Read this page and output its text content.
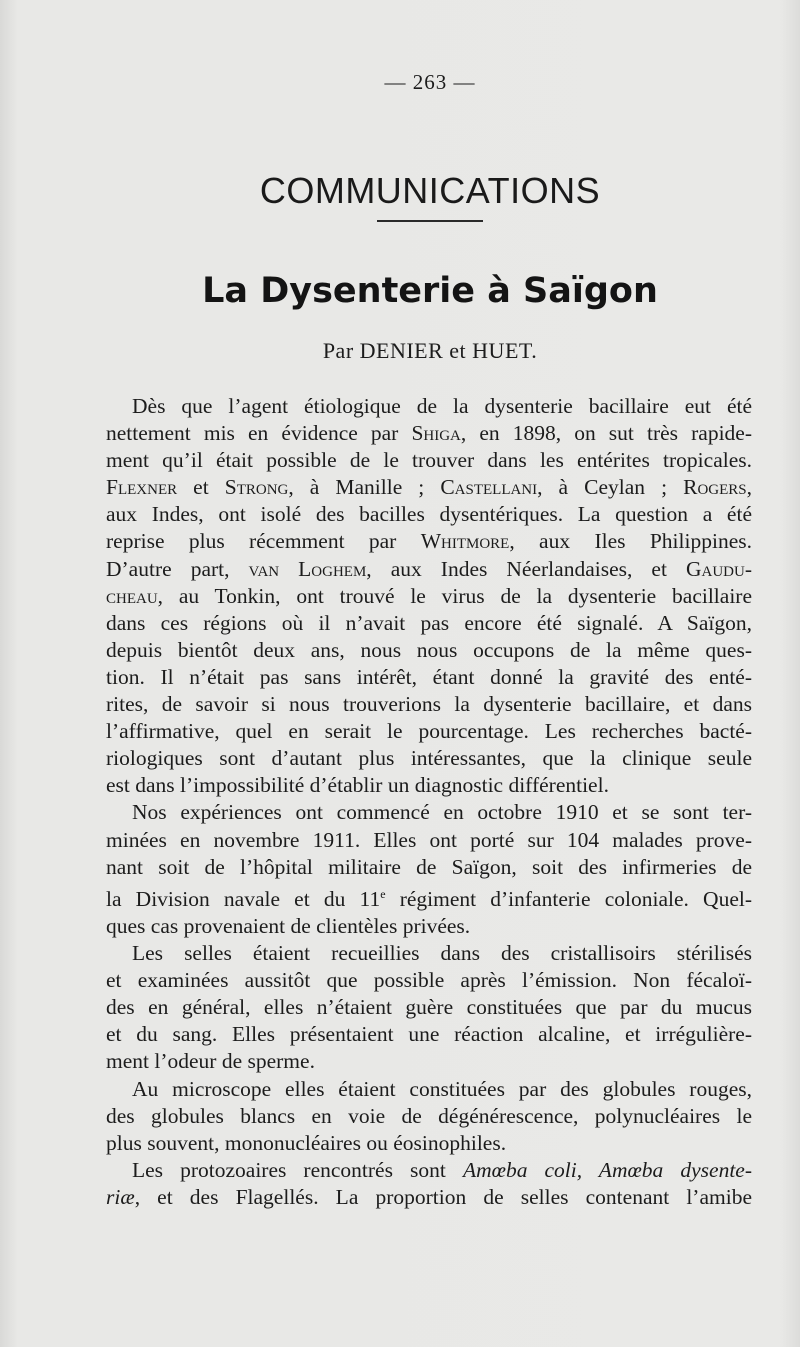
— 263 —
COMMUNICATIONS
La Dysenterie à Saïgon
Par DENIER et HUET.
Dès que l’agent étiologique de la dysenterie bacillaire eut été
nettement mis en évidence par Shiga, en 1898, on sut très rapide-
ment qu’il était possible de le trouver dans les entérites tropicales.
Flexner et Strong, à Manille ; Castellani, à Ceylan ; Rogers,
aux Indes, ont isolé des bacilles dysentériques. La question a été
reprise plus récemment par Whitmore, aux Iles Philippines.
D’autre part, van Loghem, aux Indes Néerlandaises, et Gaudu-
cheau, au Tonkin, ont trouvé le virus de la dysenterie bacillaire
dans ces régions où il n’avait pas encore été signalé. A Saïgon,
depuis bientôt deux ans, nous nous occupons de la même ques-
tion. Il n’était pas sans intérêt, étant donné la gravité des enté-
rites, de savoir si nous trouverions la dysenterie bacillaire, et dans
l’affirmative, quel en serait le pourcentage. Les recherches bacté-
riologiques sont d’autant plus intéressantes, que la clinique seule
est dans l’impossibilité d’établir un diagnostic différentiel.
Nos expériences ont commencé en octobre 1910 et se sont ter-
minées en novembre 1911. Elles ont porté sur 104 malades prove-
nant soit de l’hôpital militaire de Saïgon, soit des infirmeries de
la Division navale et du 11e régiment d’infanterie coloniale. Quel-
ques cas provenaient de clientèles privées.
Les selles étaient recueillies dans des cristallisoirs stérilisés
et examinées aussitôt que possible après l’émission. Non fécaloï-
des en général, elles n’étaient guère constituées que par du mucus
et du sang. Elles présentaient une réaction alcaline, et irrégulière-
ment l’odeur de sperme.
Au microscope elles étaient constituées par des globules rouges,
des globules blancs en voie de dégénérescence, polynucléaires le
plus souvent, mononucléaires ou éosinophiles.
Les protozoaires rencontrés sont Amœba coli, Amœba dysente-
riæ, et des Flagellés. La proportion de selles contenant l’amibe
